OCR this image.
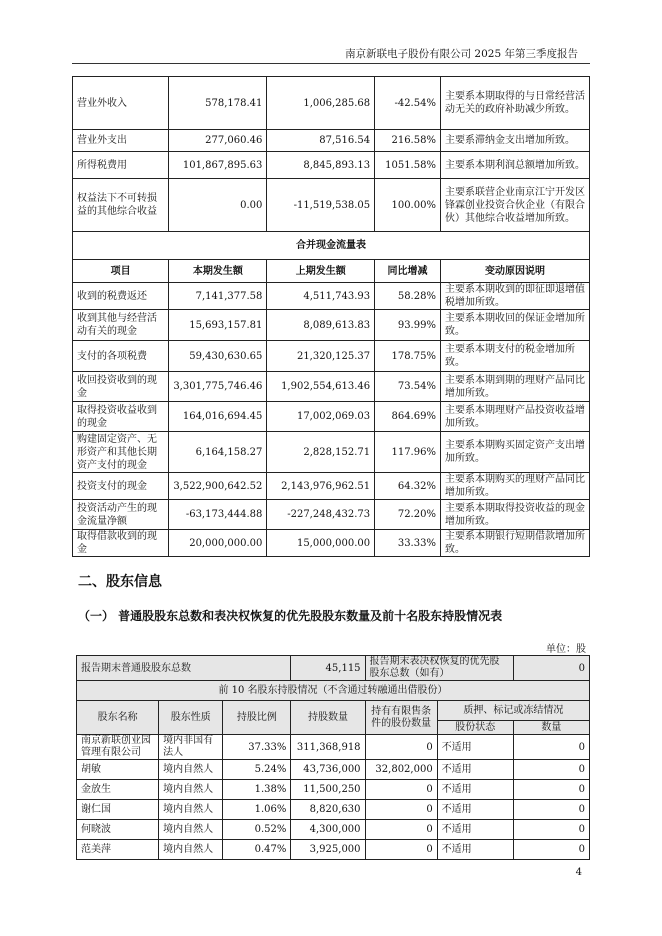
南京新联电子股份有限公司 2025 年第三季度报告
营业外收入	578,178.41	1,006,285.68	-42.54%	主要系本期取得的与日常经营活动无关的政府补助减少所致。
营业外支出	277,060.46	87,516.54	216.58%	主要系滞纳金支出增加所致。
所得税费用	101,867,895.63	8,845,893.13	1051.58%	主要系本期利润总额增加所致。
权益法下不可转损益的其他综合收益	0.00	-11,519,538.05	100.00%	主要系联营企业南京江宁开发区锋霖创业投资合伙企业（有限合伙）其他综合收益增加所致。
合并现金流量表				
项目	本期发生额	上期发生额	同比增减	变动原因说明
收到的税费返还	7,141,377.58	4,511,743.93	58.28%	主要系本期收到的即征即退增值税增加所致。
收到其他与经营活动有关的现金	15,693,157.81	8,089,613.83	93.99%	主要系本期收回的保证金增加所致。
支付的各项税费	59,430,630.65	21,320,125.37	178.75%	主要系本期支付的税金增加所致。
收回投资收到的现金	3,301,775,746.46	1,902,554,613.46	73.54%	主要系本期到期的理财产品同比增加所致。
取得投资收益收到的现金	164,016,694.45	17,002,069.03	864.69%	主要系本期理财产品投资收益增加所致。
购建固定资产、无形资产和其他长期资产支付的现金	6,164,158.27	2,828,152.71	117.96%	主要系本期购买固定资产支出增加所致。
投资支付的现金	3,522,900,642.52	2,143,976,962.51	64.32%	主要系本期购买的理财产品同比增加所致。
投资活动产生的现金流量净额	-63,173,444.88	-227,248,432.73	72.20%	主要系本期取得投资收益的现金增加所致。
取得借款收到的现金	20,000,000.00	15,000,000.00	33.33%	主要系本期银行短期借款增加所致。
二、股东信息
（一） 普通股股东总数和表决权恢复的优先股股东数量及前十名股东持股情况表
单位：股
报告期末普通股股东总数			45,115	报告期末表决权恢复的优先股股东总数（如有）		0
前 10 名股东持股情况（不含通过转融通出借股份）						
股东名称	股东性质	持股比例	持股数量	持有有限售条件的股份数量	质押、标记或冻结情况	
					股份状态	数量
南京新联创业园管理有限公司	境内非国有法人	37.33%	311,368,918	0	不适用	0
胡敏	境内自然人	5.24%	43,736,000	32,802,000	不适用	0
金放生	境内自然人	1.38%	11,500,250	0	不适用	0
谢仁国	境内自然人	1.06%	8,820,630	0	不适用	0
何晓波	境内自然人	0.52%	4,300,000	0	不适用	0
范美萍	境内自然人	0.47%	3,925,000	0	不适用	0
4
